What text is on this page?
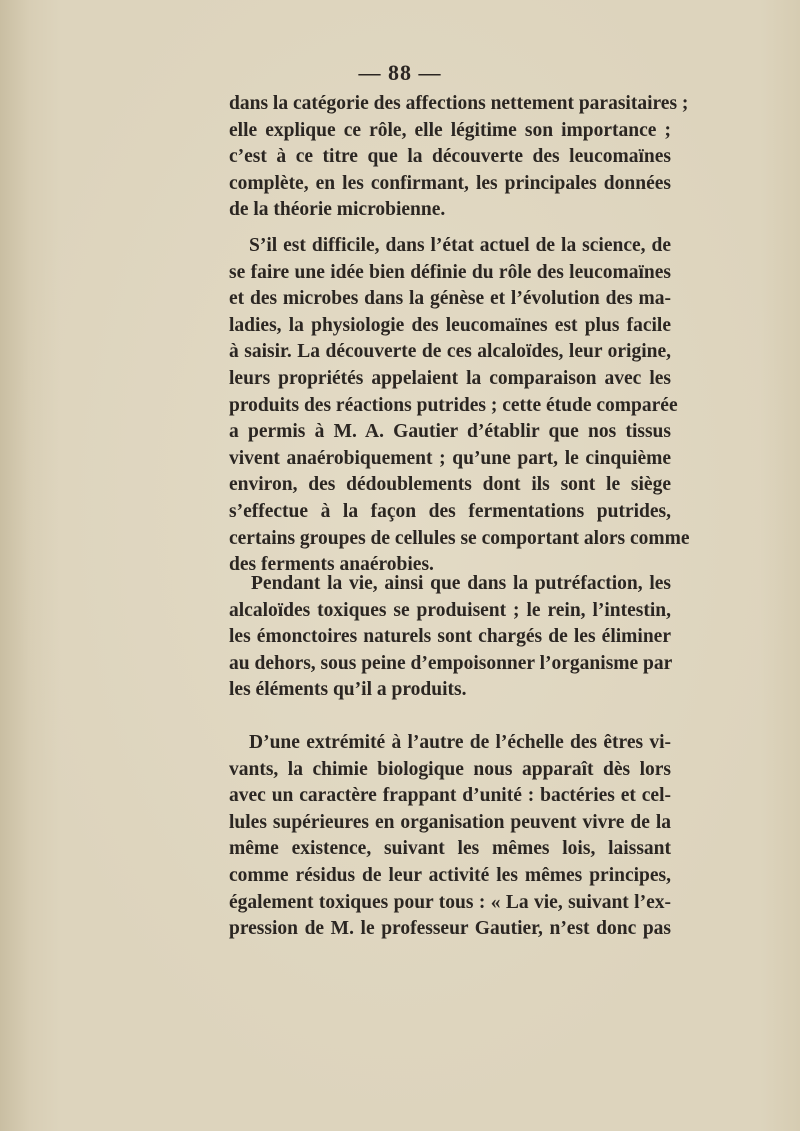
— 88 —
dans la catégorie des affections nettement parasitaires ;
elle explique ce rôle, elle légitime son importance ;
c’est à ce titre que la découverte des leucomaïnes
complète, en les confirmant, les principales données
de la théorie microbienne.
S’il est difficile, dans l’état actuel de la science, de
se faire une idée bien définie du rôle des leucomaïnes
et des microbes dans la génèse et l’évolution des ma-
ladies, la physiologie des leucomaïnes est plus facile
à saisir. La découverte de ces alcaloïdes, leur origine,
leurs propriétés appelaient la comparaison avec les
produits des réactions putrides ; cette étude comparée
a permis à M. A. Gautier d’établir que nos tissus
vivent anaérobiquement ; qu’une part, le cinquième
environ, des dédoublements dont ils sont le siège
s’effectue à la façon des fermentations putrides,
certains groupes de cellules se comportant alors comme
des ferments anaérobies.
Pendant la vie, ainsi que dans la putréfaction, les
alcaloïdes toxiques se produisent ; le rein, l’intestin,
les émonctoires naturels sont chargés de les éliminer
au dehors, sous peine d’empoisonner l’organisme par
les éléments qu’il a produits.
D’une extrémité à l’autre de l’échelle des êtres vi-
vants, la chimie biologique nous apparaît dès lors
avec un caractère frappant d’unité : bactéries et cel-
lules supérieures en organisation peuvent vivre de la
même existence, suivant les mêmes lois, laissant
comme résidus de leur activité les mêmes principes,
également toxiques pour tous : « La vie, suivant l’ex-
pression de M. le professeur Gautier, n’est donc pas
